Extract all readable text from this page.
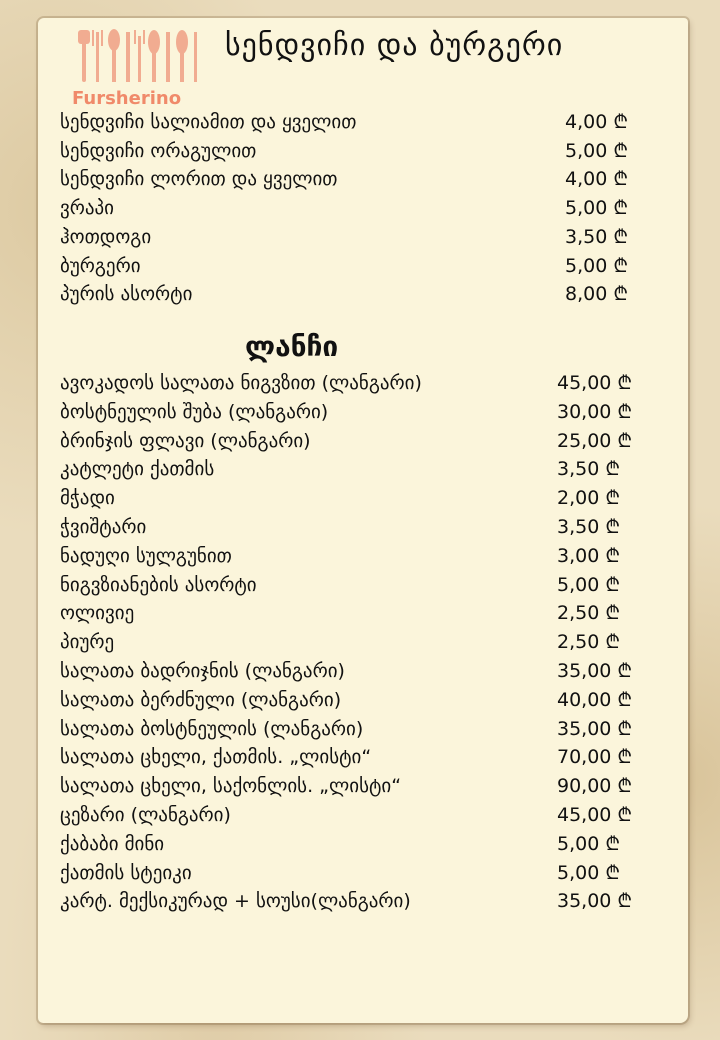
Fursherino
სენდვიჩი და ბურგერი
ლანჩი
სენდვიჩი სალიამით და ყველით	4,00 ₾
სენდვიჩი ორაგულით	5,00 ₾
სენდვიჩი ლორით და ყველით	4,00 ₾
ვრაპი	5,00 ₾
ჰოთდოგი	3,50 ₾
ბურგერი	5,00 ₾
პურის ასორტი	8,00 ₾
ავოკადოს სალათა ნიგვზით (ლანგარი)	45,00 ₾
ბოსტნეულის შუბა (ლანგარი)	30,00 ₾
ბრინჯის ფლავი (ლანგარი)	25,00 ₾
კატლეტი ქათმის	3,50 ₾
მჭადი	2,00 ₾
ჭვიშტარი	3,50 ₾
ნადუღი სულგუნით	3,00 ₾
ნიგვზიანების ასორტი	5,00 ₾
ოლივიე	2,50 ₾
პიურე	2,50 ₾
სალათა ბადრიჯნის (ლანგარი)	35,00 ₾
სალათა ბერძნული (ლანგარი)	40,00 ₾
სალათა ბოსტნეულის (ლანგარი)	35,00 ₾
სალათა ცხელი, ქათმის. „ლისტი“	70,00 ₾
სალათა ცხელი, საქონლის. „ლისტი“	90,00 ₾
ცეზარი (ლანგარი)	45,00 ₾
ქაბაბი მინი	5,00 ₾
ქათმის სტეიკი	5,00 ₾
კარტ. მექსიკურად + სოუსი(ლანგარი)	35,00 ₾
